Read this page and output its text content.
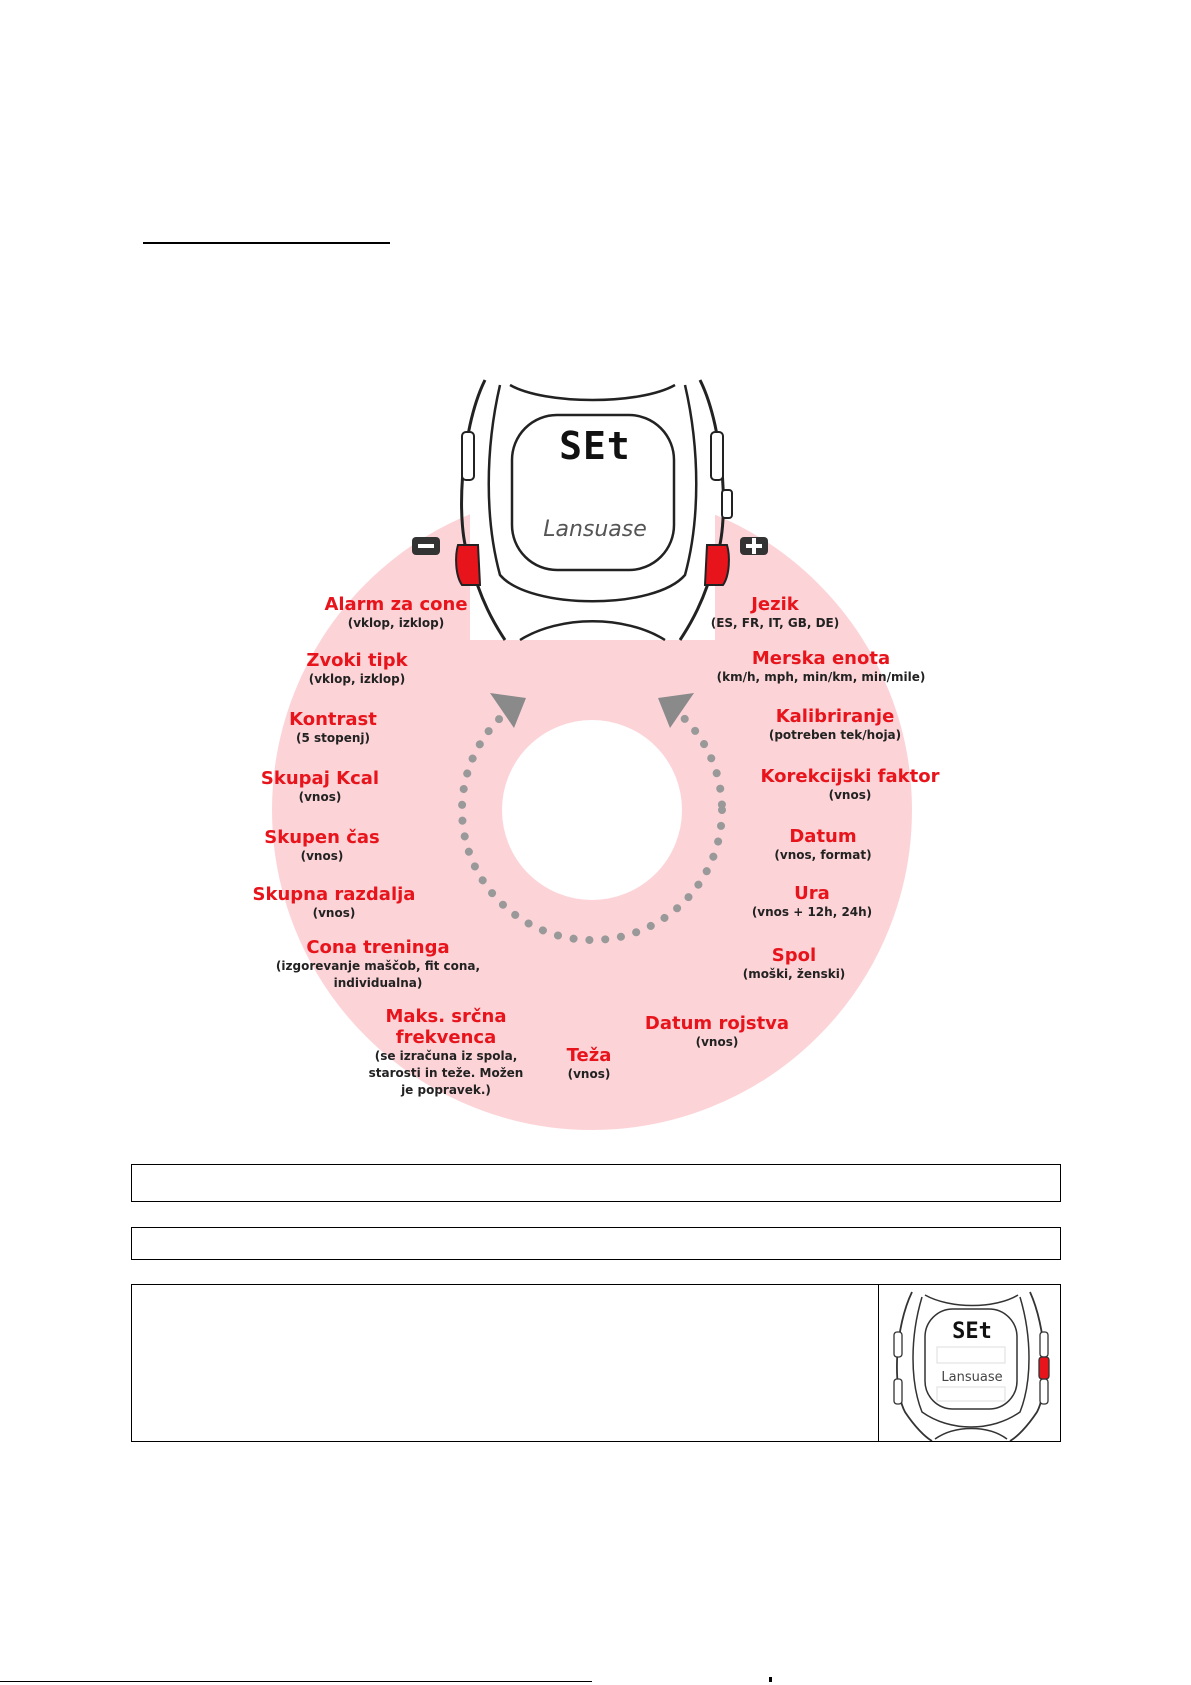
SEt
Lansuase
Alarm za cone
(vklop, izklop)
Zvoki tipk
(vklop, izklop)
Kontrast
(5 stopenj)
Skupaj Kcal
(vnos)
Skupen čas
(vnos)
Skupna razdalja
(vnos)
Cona treninga
(izgorevanje maščob, fit cona, individualna)
Maks. srčna frekvenca
(se izračuna iz spola, starosti in teže. Možen je popravek.)
Jezik
(ES, FR, IT, GB, DE)
Merska enota
(km/h, mph, min/km, min/mile)
Kalibriranje
(potreben tek/hoja)
Korekcijski faktor
(vnos)
Datum
(vnos, format)
Ura
(vnos + 12h, 24h)
Spol
(moški, ženski)
Datum rojstva
(vnos)
Teža
(vnos)
SEt
Lansuase
